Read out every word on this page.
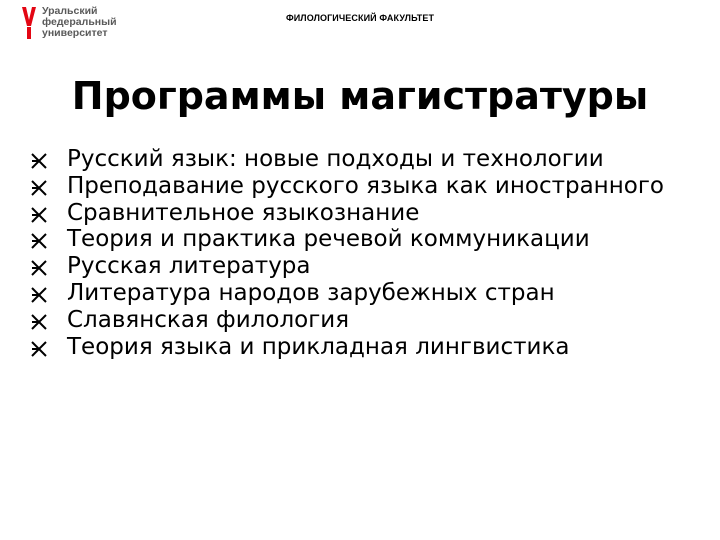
Уральский
федеральный
университет
ФИЛОЛОГИЧЕСКИЙ ФАКУЛЬТЕТ
Программы магистратуры
Русский язык: новые подходы и технологии
Преподавание русского языка как иностранного
Сравнительное языкознание
Теория и практика речевой коммуникации
Русская литература
Литература народов зарубежных стран
Славянская филология
Теория языка и прикладная лингвистика
